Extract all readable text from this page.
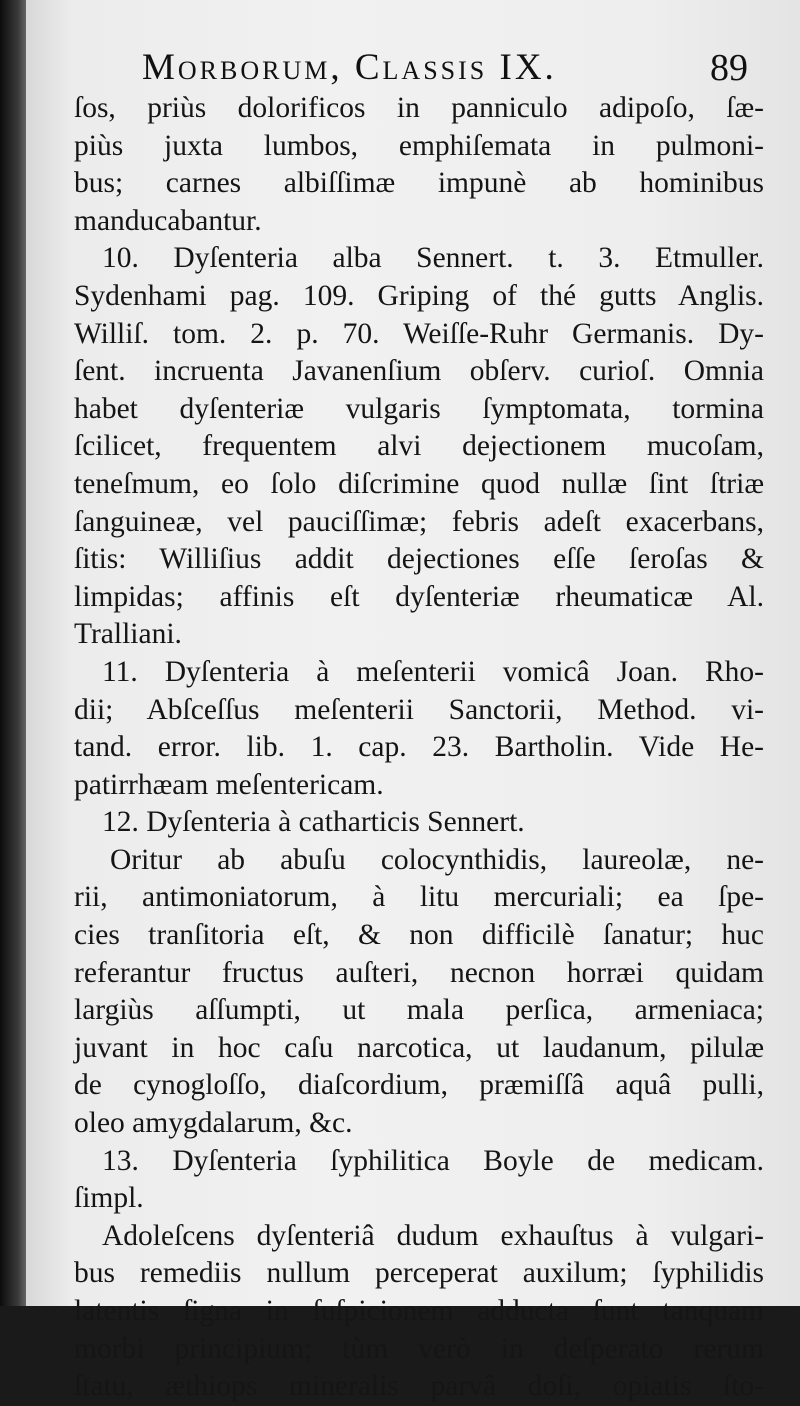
Morborum, Classis IX.	89
ſos, priùs dolorificos in panniculo adipoſo, ſæ-
piùs juxta lumbos, emphiſemata in pulmoni-
bus; carnes albiſſimæ impunè ab hominibus
manducabantur.
10. Dyſenteria alba Sennert. t. 3. Etmuller.
Sydenhami pag. 109. Griping of thé gutts Anglis.
Williſ. tom. 2. p. 70. Weiſſe-Ruhr Germanis. Dy-
ſent. incruenta Javanenſium obſerv. curioſ. Omnia
habet dyſenteriæ vulgaris ſymptomata, tormina
ſcilicet, frequentem alvi dejectionem mucoſam,
teneſmum, eo ſolo diſcrimine quod nullæ ſint ſtriæ
ſanguineæ, vel pauciſſimæ; febris adeſt exacerbans,
ſitis: Williſius addit dejectiones eſſe ſeroſas &
limpidas; affinis eſt dyſenteriæ rheumaticæ Al.
Tralliani.
11. Dyſenteria à meſenterii vomicâ Joan. Rho-
dii; Abſceſſus meſenterii Sanctorii, Method. vi-
tand. error. lib. 1. cap. 23. Bartholin. Vide He-
patirrhæam meſentericam.
12. Dyſenteria à catharticis Sennert.
Oritur ab abuſu colocynthidis, laureolæ, ne-
rii, antimoniatorum, à litu mercuriali; ea ſpe-
cies tranſitoria eſt, & non difficilè ſanatur; huc
referantur fructus auſteri, necnon horræi quidam
largiùs aſſumpti, ut mala perſica, armeniaca;
juvant in hoc caſu narcotica, ut laudanum, pilulæ
de cynogloſſo, diaſcordium, præmiſſâ aquâ pulli,
oleo amygdalarum, &c.
13. Dyſenteria ſyphilitica Boyle de medicam.
ſimpl.
Adoleſcens dyſenteriâ dudum exhauſtus à vulgari-
bus remediis nullum perceperat auxilum; ſyphilidis
latentis ſigna in ſuſpicionem adducta ſunt tanquam
morbi principium; tùm verò in deſperato rerum
ſtatu, æthiops mineralis parvâ doſi, opiatis ſto-
